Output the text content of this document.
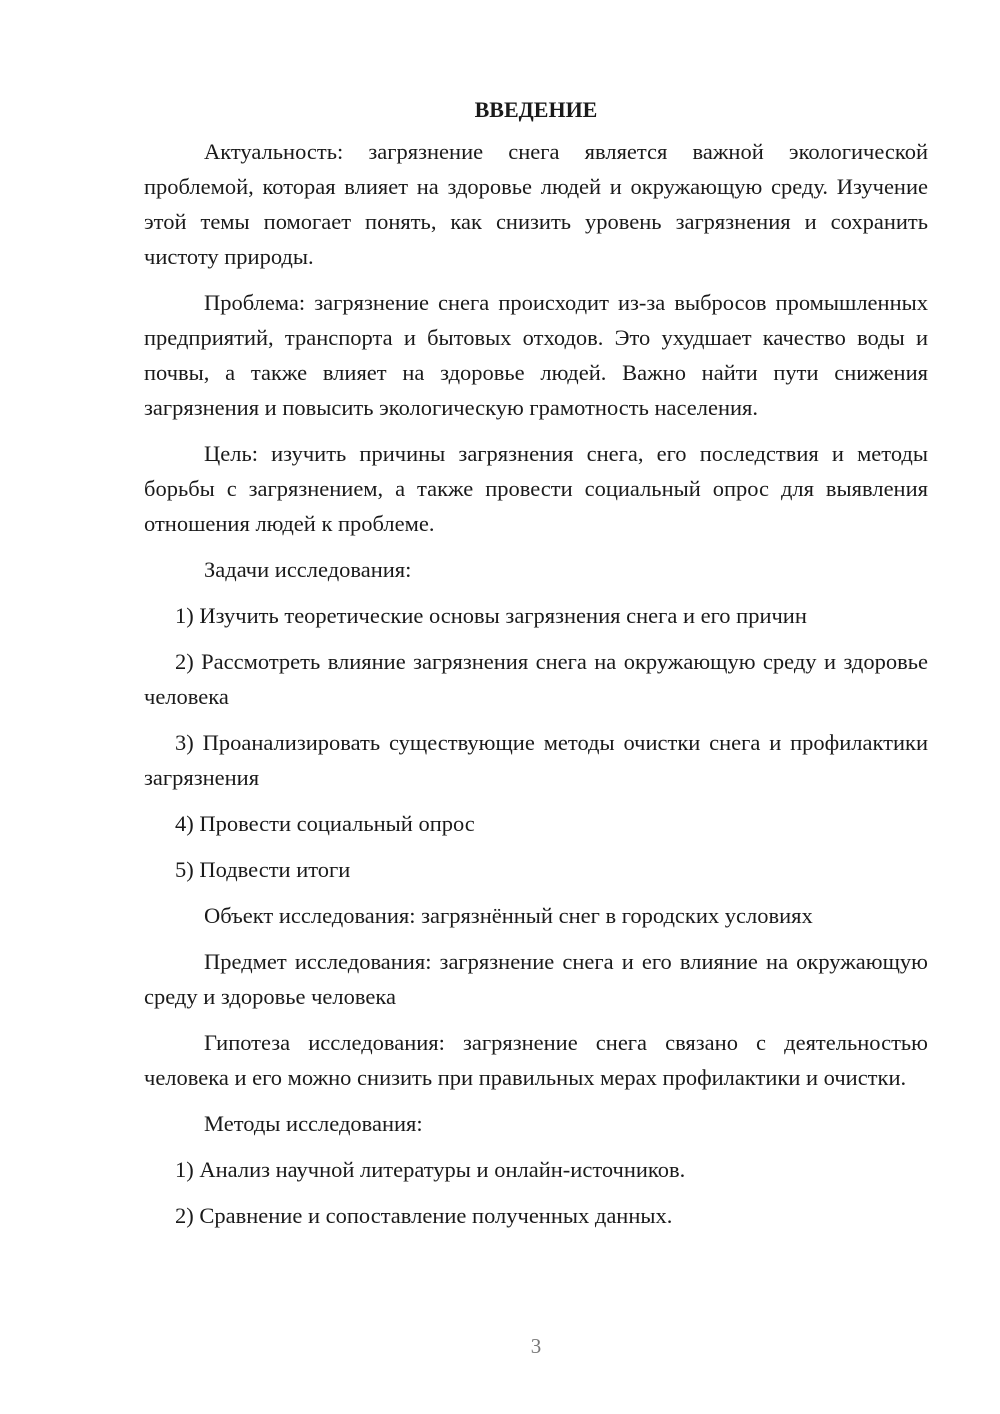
ВВЕДЕНИЕ
Актуальность: загрязнение снега является важной экологической проблемой, которая влияет на здоровье людей и окружающую среду. Изучение этой темы помогает понять, как снизить уровень загрязнения и сохранить чистоту природы.
Проблема: загрязнение снега происходит из-за выбросов промышленных предприятий, транспорта и бытовых отходов. Это ухудшает качество воды и почвы, а также влияет на здоровье людей. Важно найти пути снижения загрязнения и повысить экологическую грамотность населения.
Цель: изучить причины загрязнения снега, его последствия и методы борьбы с загрязнением, а также провести социальный опрос для выявления отношения людей к проблеме.
Задачи исследования:
1) Изучить теоретические основы загрязнения снега и его причин
2) Рассмотреть влияние загрязнения снега на окружающую среду и здоровье человека
3) Проанализировать существующие методы очистки снега и профилактики загрязнения
4) Провести социальный опрос
5) Подвести итоги
Объект исследования: загрязнённый снег в городских условиях
Предмет исследования: загрязнение снега и его влияние на окружающую среду и здоровье человека
Гипотеза исследования: загрязнение снега связано с деятельностью человека и его можно снизить при правильных мерах профилактики и очистки.
Методы исследования:
1) Анализ научной литературы и онлайн-источников.
2) Сравнение и сопоставление полученных данных.
3
